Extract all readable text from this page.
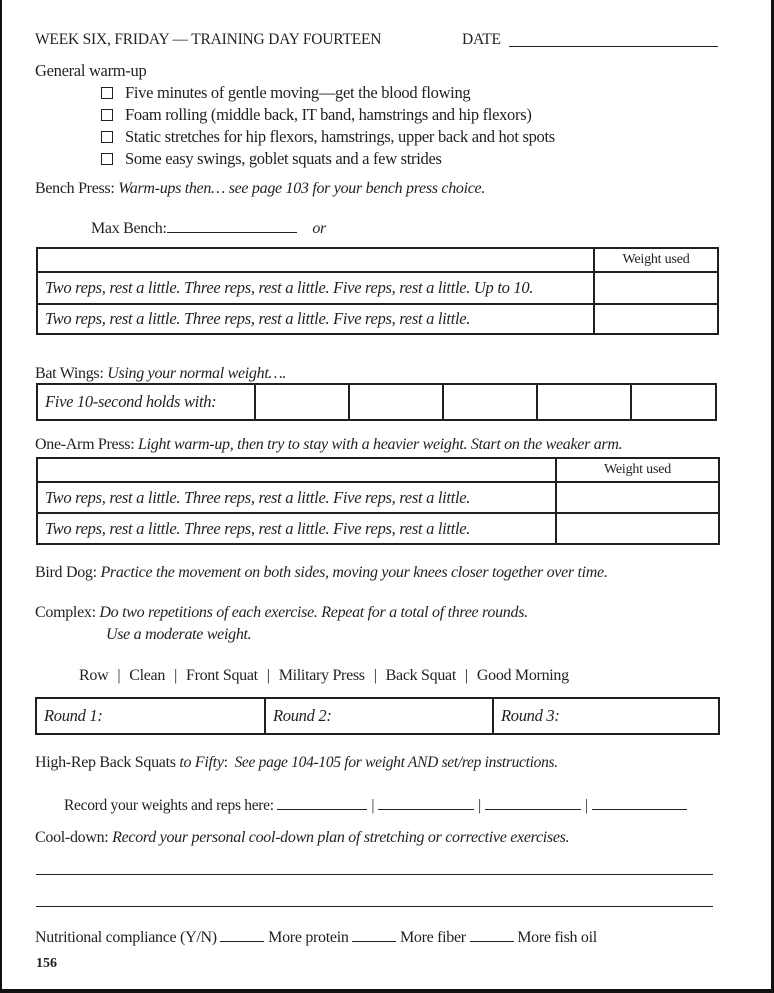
WEEK SIX, FRIDAY — TRAINING DAY FOURTEEN	DATE
General warm-up
Five minutes of gentle moving—get the blood flowing
Foam rolling (middle back, IT band, hamstrings and hip flexors)
Static stretches for hip flexors, hamstrings, upper back and hot spots
Some easy swings, goblet squats and a few strides
Bench Press: Warm-ups then… see page 103 for your bench press choice.
Max Bench:	or
	Weight used
Two reps, rest a little. Three reps, rest a little. Five reps, rest a little. Up to 10.	
Two reps, rest a little. Three reps, rest a little. Five reps, rest a little.	
Bat Wings: Using your normal weight….
Five 10-second holds with:					
One-Arm Press: Light warm-up, then try to stay with a heavier weight. Start on the weaker arm.
	Weight used
Two reps, rest a little. Three reps, rest a little. Five reps, rest a little.	
Two reps, rest a little. Three reps, rest a little. Five reps, rest a little.	
Bird Dog: Practice the movement on both sides, moving your knees closer together over time.
Complex: Do two repetitions of each exercise. Repeat for a total of three rounds.
Use a moderate weight.
Row | Clean | Front Squat | Military Press | Back Squat | Good Morning
Round 1:	Round 2:	Round 3:
High-Rep Back Squats to Fifty: See page 104-105 for weight AND set/rep instructions.
Record your weights and reps here:	|	|	|
Cool-down: Record your personal cool-down plan of stretching or corrective exercises.
Nutritional compliance (Y/N)	More protein	More fiber	More fish oil
156
